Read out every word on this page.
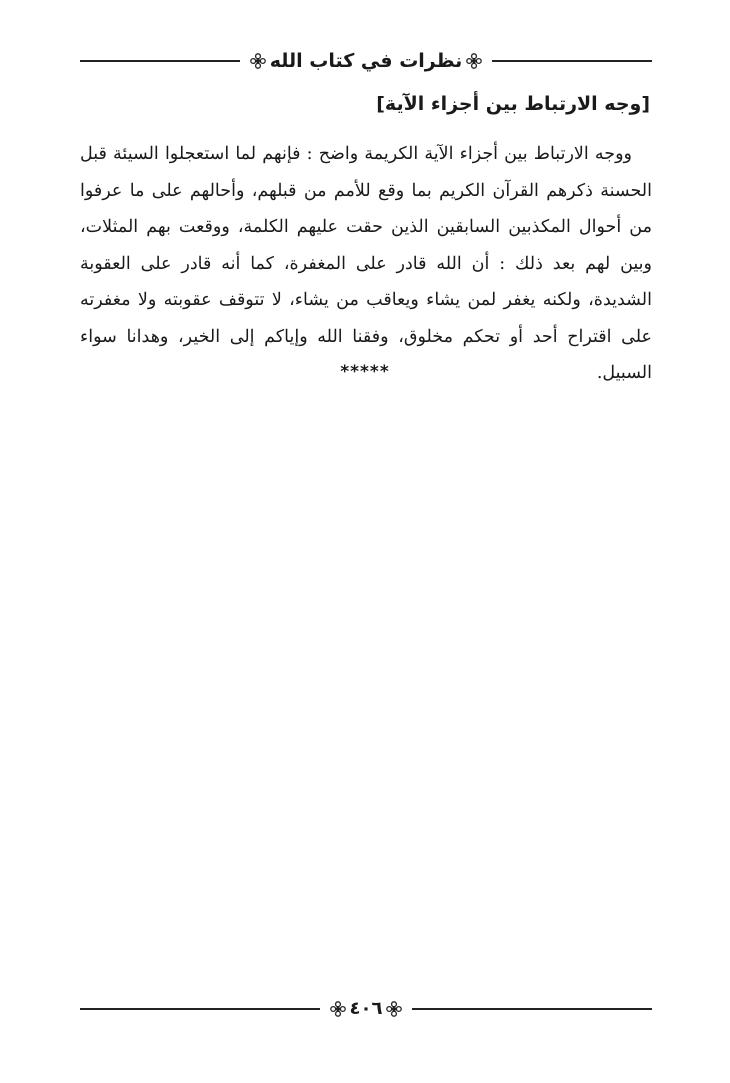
نظرات في كتاب الله
[وجه الارتباط بين أجزاء الآية]

ووجه الارتباط بين أجزاء الآية الكريمة واضح : فإنهم لما استعجلوا السيئة قبل الحسنة ذكرهم القرآن الكريم بما وقع للأمم من قبلهم، وأحالهم على ما عرفوا من أحوال المكذبين السابقين الذين حقت عليهم الكلمة، ووقعت بهم المثلات، وبين لهم بعد ذلك : أن الله قادر على المغفرة، كما أنه قادر على العقوبة الشديدة، ولكنه يغفر لمن يشاء ويعاقب من يشاء، لا تتوقف عقوبته ولا مغفرته على اقتراح أحد أو تحكم مخلوق، وفقنا الله وإياكم إلى الخير، وهدانا سواء السبيل.

*****
٤٠٦
